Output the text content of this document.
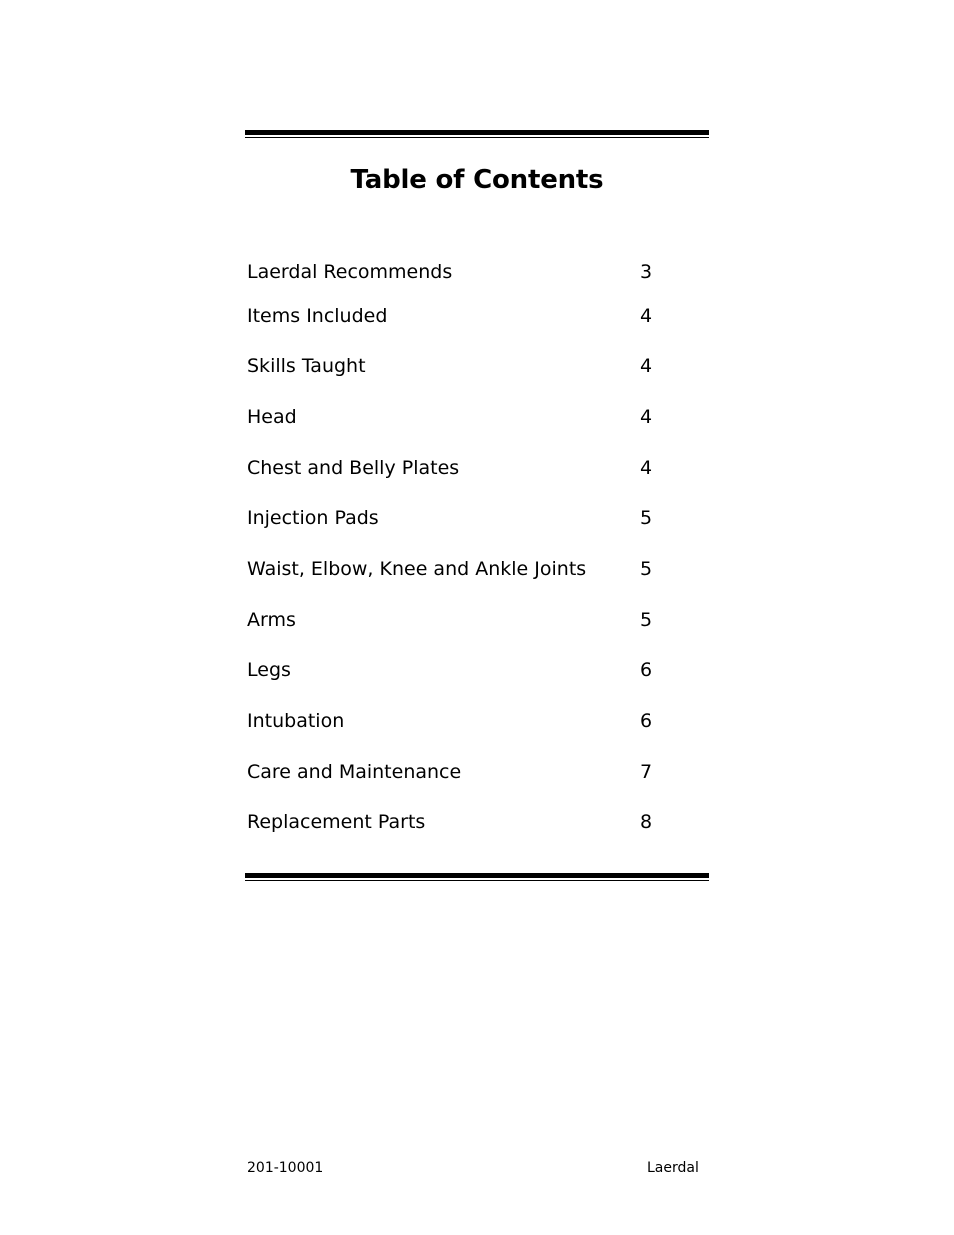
Table of Contents
Laerdal Recommends	3
Items Included	4
Skills Taught	4
Head	4
Chest and Belly Plates	4
Injection Pads	5
Waist, Elbow, Knee and Ankle Joints	5
Arms	5
Legs	6
Intubation	6
Care and Maintenance	7
Replacement Parts	8
201-10001	Laerdal
